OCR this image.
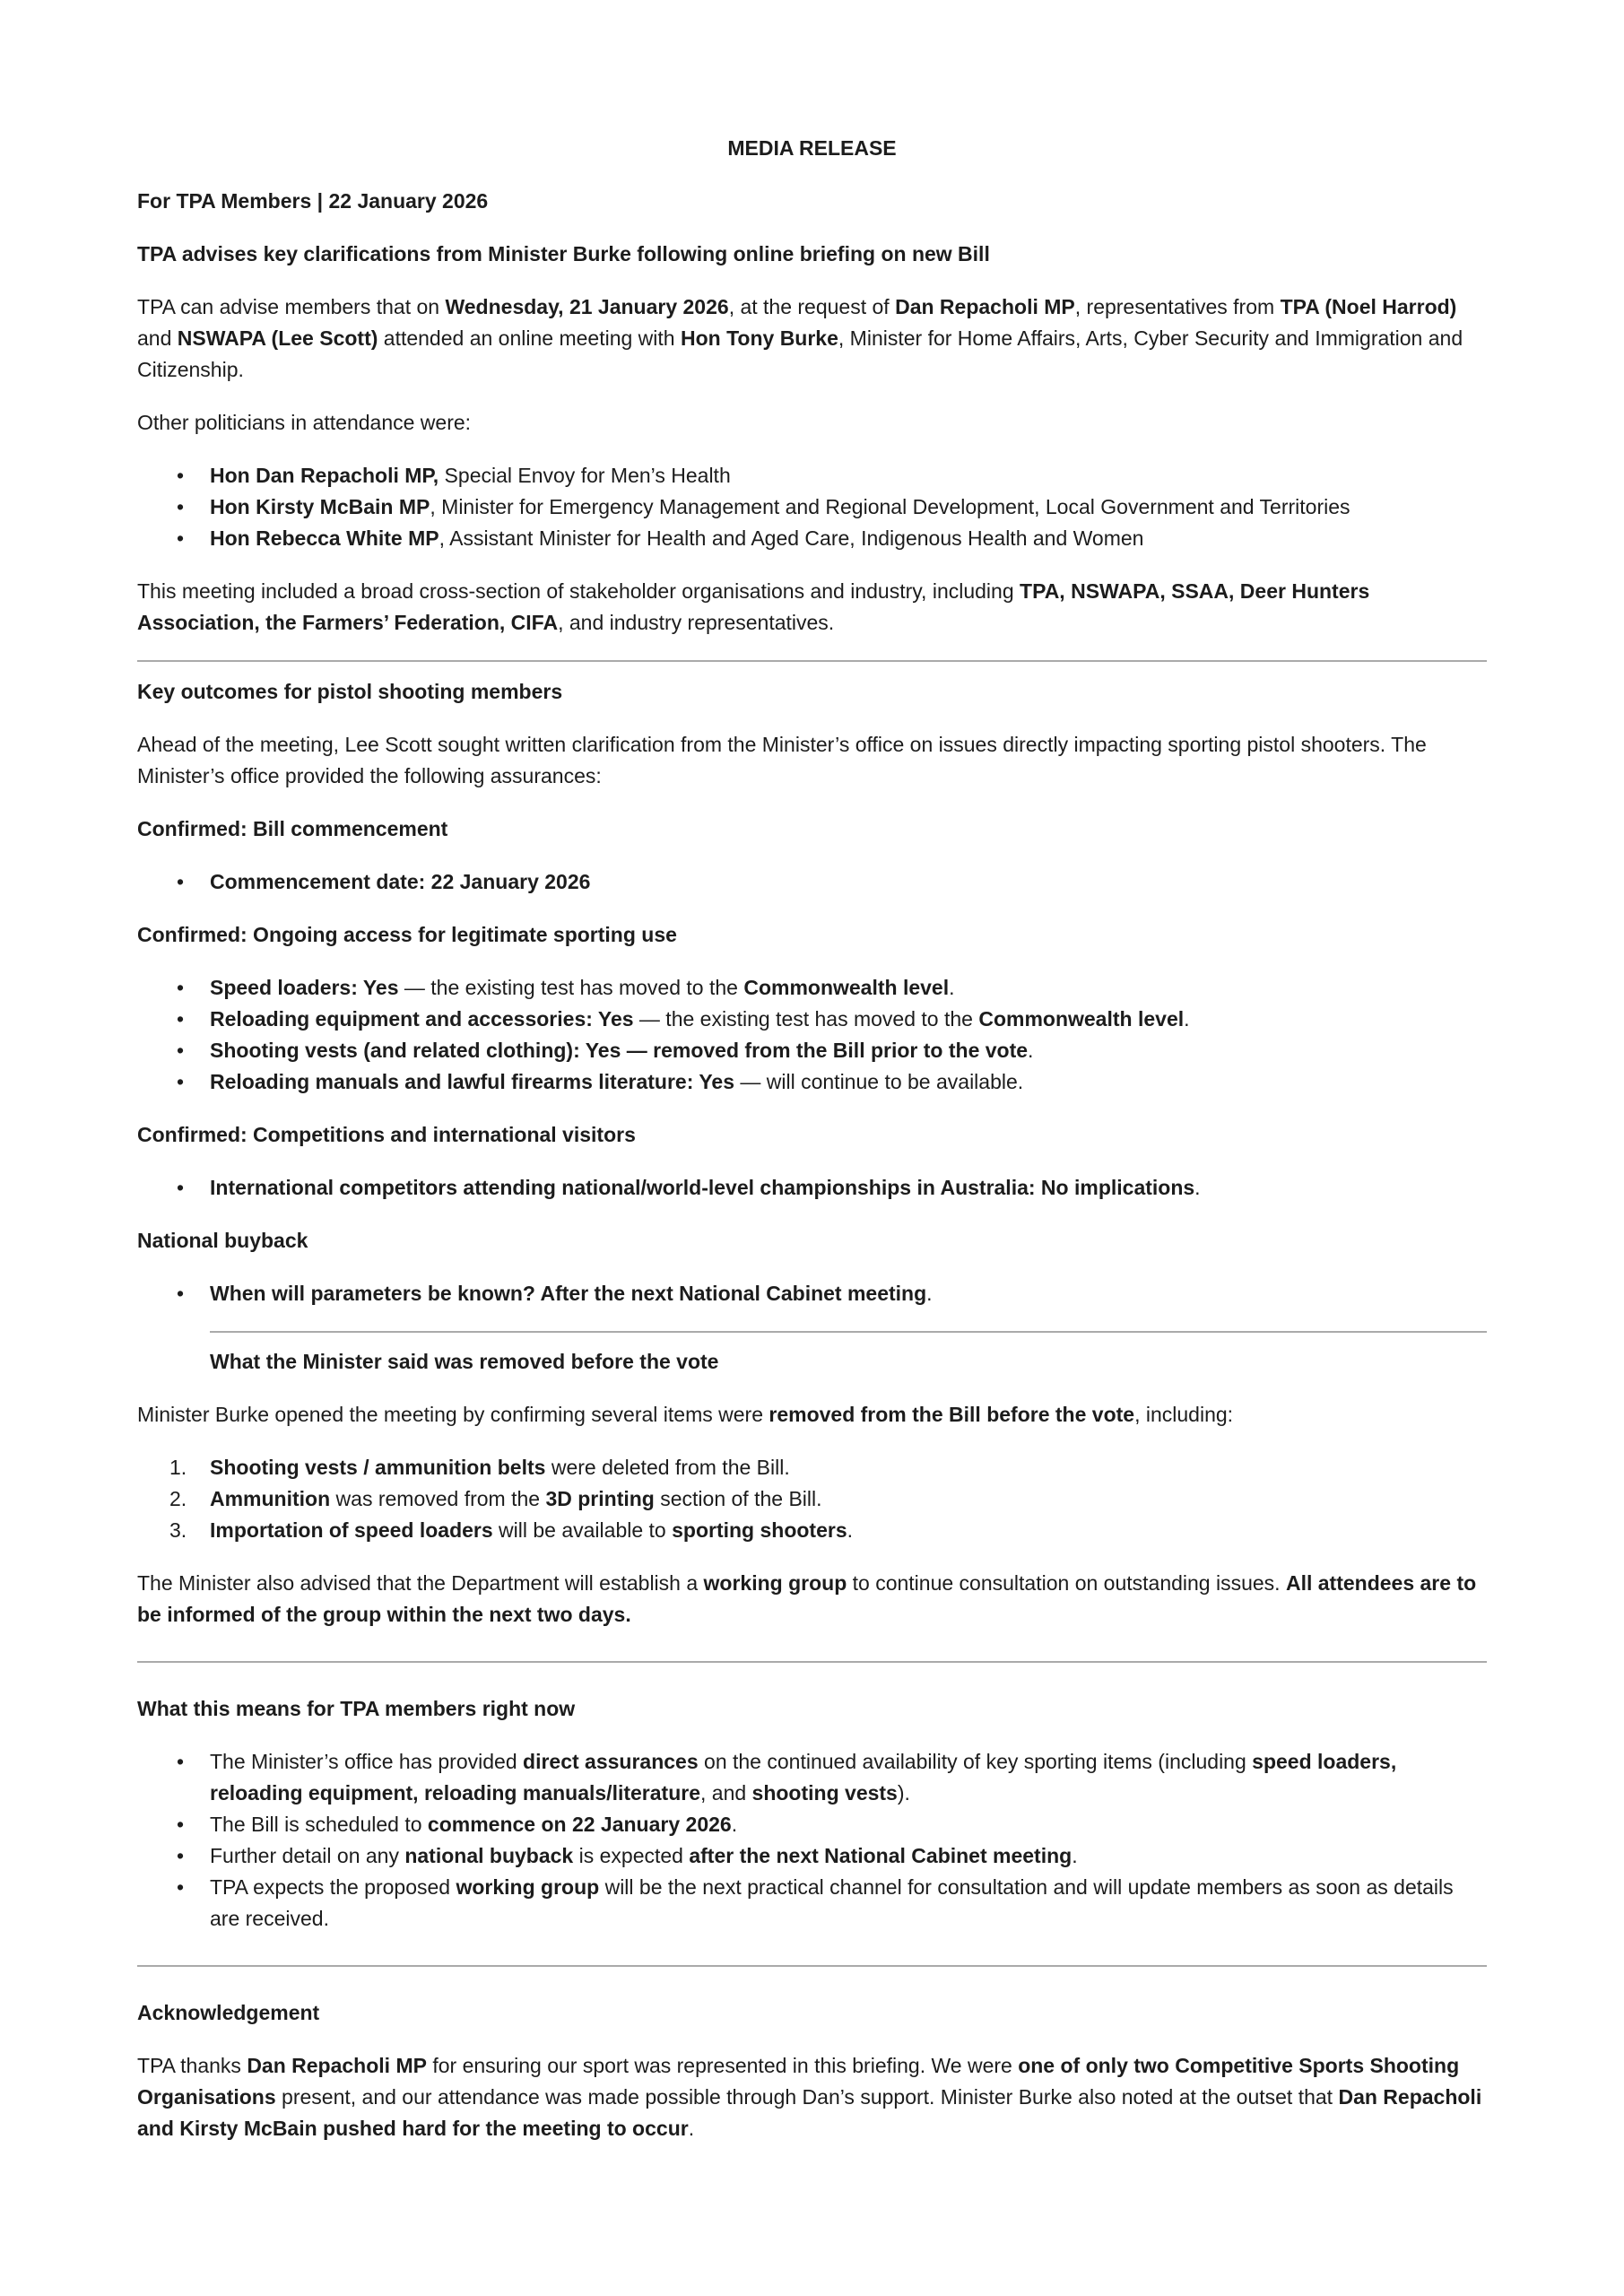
MEDIA RELEASE
For TPA Members | 22 January 2026
TPA advises key clarifications from Minister Burke following online briefing on new Bill
TPA can advise members that on Wednesday, 21 January 2026, at the request of Dan Repacholi MP, representatives from TPA (Noel Harrod) and NSWAPA (Lee Scott) attended an online meeting with Hon Tony Burke, Minister for Home Affairs, Arts, Cyber Security and Immigration and Citizenship.
Other politicians in attendance were:
• Hon Dan Repacholi MP, Special Envoy for Men’s Health
• Hon Kirsty McBain MP, Minister for Emergency Management and Regional Development, Local Government and Territories
• Hon Rebecca White MP, Assistant Minister for Health and Aged Care, Indigenous Health and Women
This meeting included a broad cross-section of stakeholder organisations and industry, including TPA, NSWAPA, SSAA, Deer Hunters Association, the Farmers’ Federation, CIFA, and industry representatives.
Key outcomes for pistol shooting members
Ahead of the meeting, Lee Scott sought written clarification from the Minister’s office on issues directly impacting sporting pistol shooters. The Minister’s office provided the following assurances:
Confirmed: Bill commencement
• Commencement date: 22 January 2026
Confirmed: Ongoing access for legitimate sporting use
• Speed loaders: Yes — the existing test has moved to the Commonwealth level.
• Reloading equipment and accessories: Yes — the existing test has moved to the Commonwealth level.
• Shooting vests (and related clothing): Yes — removed from the Bill prior to the vote.
• Reloading manuals and lawful firearms literature: Yes — will continue to be available.
Confirmed: Competitions and international visitors
• International competitors attending national/world-level championships in Australia: No implications.
National buyback
• When will parameters be known? After the next National Cabinet meeting.
What the Minister said was removed before the vote
Minister Burke opened the meeting by confirming several items were removed from the Bill before the vote, including:
Shooting vests / ammunition belts were deleted from the Bill.
Ammunition was removed from the 3D printing section of the Bill.
Importation of speed loaders will be available to sporting shooters.
The Minister also advised that the Department will establish a working group to continue consultation on outstanding issues. All attendees are to be informed of the group within the next two days.
What this means for TPA members right now
• The Minister’s office has provided direct assurances on the continued availability of key sporting items (including speed loaders, reloading equipment, reloading manuals/literature, and shooting vests).
• The Bill is scheduled to commence on 22 January 2026.
• Further detail on any national buyback is expected after the next National Cabinet meeting.
• TPA expects the proposed working group will be the next practical channel for consultation and will update members as soon as details are received.
Acknowledgement
TPA thanks Dan Repacholi MP for ensuring our sport was represented in this briefing. We were one of only two Competitive Sports Shooting Organisations present, and our attendance was made possible through Dan’s support. Minister Burke also noted at the outset that Dan Repacholi and Kirsty McBain pushed hard for the meeting to occur.
